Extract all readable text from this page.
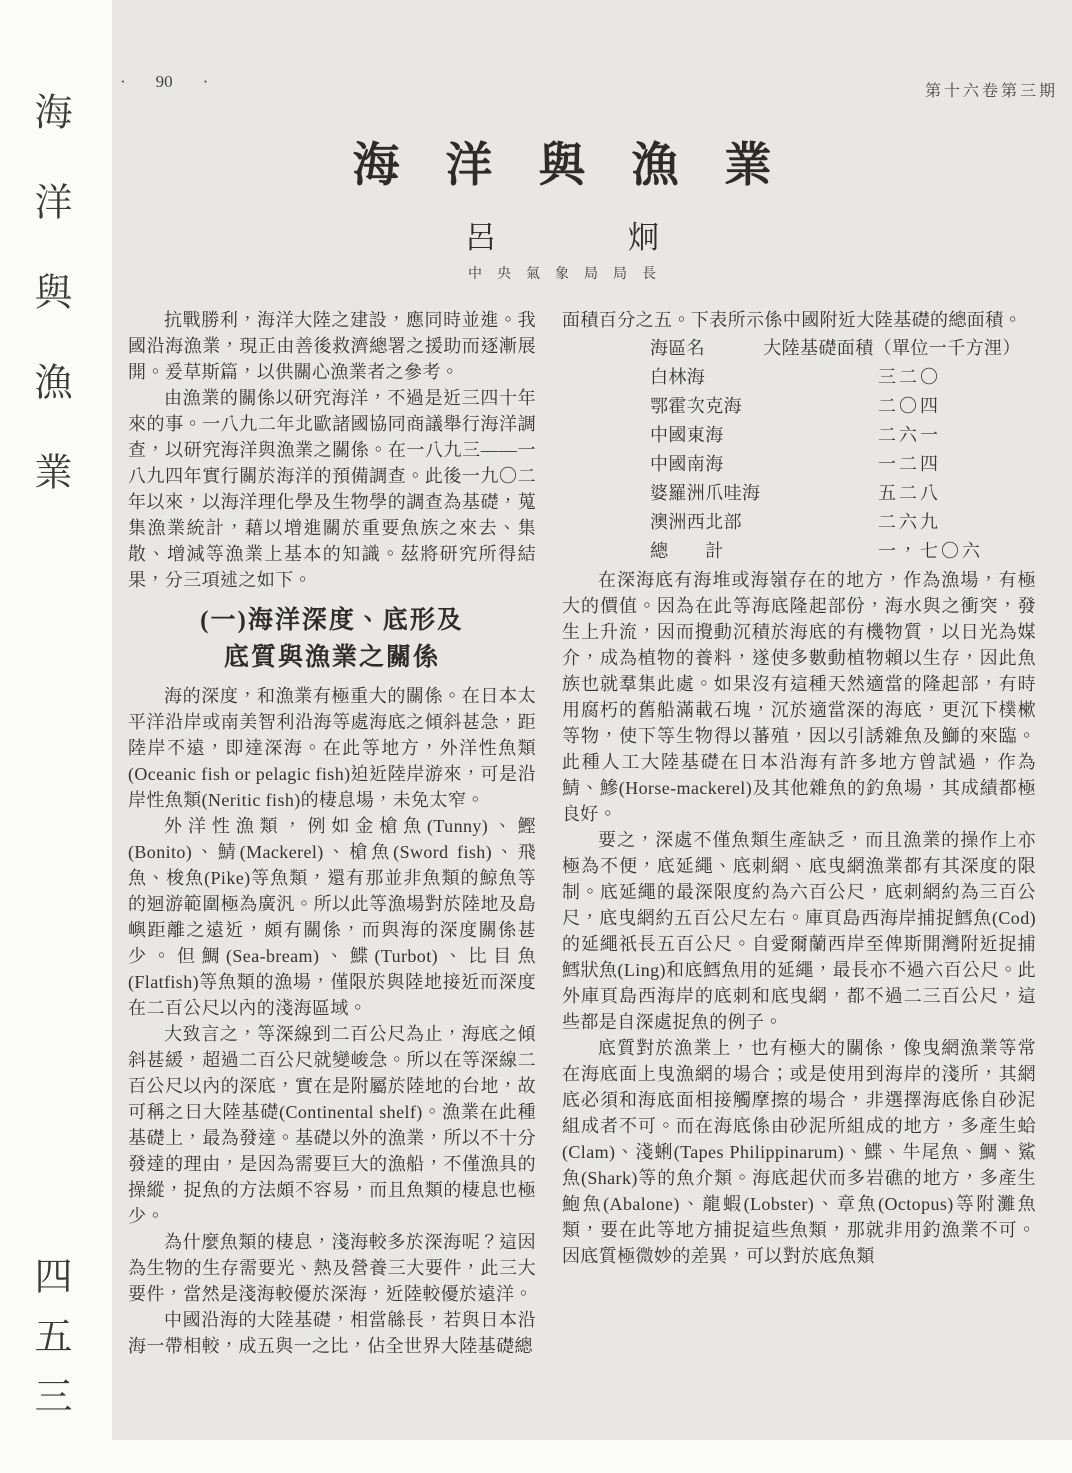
海洋與漁業
四五三
· 90 ·
第十六卷第三期
海洋與漁業
呂	炯
中央氣象局局長

抗戰勝利，海洋大陸之建設，應同時並進。我國沿海漁業，現正由善後救濟總署之援助而逐漸展開。爰草斯篇，以供關心漁業者之參考。

由漁業的關係以研究海洋，不過是近三四十年來的事。一八九二年北歐諸國協同商議舉行海洋調查，以研究海洋與漁業之關係。在一八九三——一八九四年實行關於海洋的預備調查。此後一九〇二年以來，以海洋理化學及生物學的調查為基礎，蒐集漁業統計，藉以增進關於重要魚族之來去、集散、增減等漁業上基本的知識。茲將研究所得結果，分三項述之如下。

(一)海洋深度、底形及
底質與漁業之關係

海的深度，和漁業有極重大的關係。在日本太平洋沿岸或南美智利沿海等處海底之傾斜甚急，距陸岸不遠，即達深海。在此等地方，外洋性魚類(Oceanic fish or pelagic fish)迫近陸岸游來，可是沿岸性魚類(Neritic fish)的棲息場，未免太窄。

外洋性漁類，例如金槍魚(Tunny)、鰹(Bonito)、鯖(Mackerel)、槍魚(Sword fish)、飛魚、梭魚(Pike)等魚類，還有那並非魚類的鯨魚等的迴游範圍極為廣汎。所以此等漁場對於陸地及島嶼距離之遠近，頗有關係，而與海的深度關係甚少。但鯛(Sea-bream)、鰈(Turbot)、比目魚(Flatfish)等魚類的漁場，僅限於與陸地接近而深度在二百公尺以內的淺海區域。

大致言之，等深線到二百公尺為止，海底之傾斜甚緩，超過二百公尺就變峻急。所以在等深線二百公尺以內的深底，實在是附屬於陸地的台地，故可稱之曰大陸基礎(Continental shelf)。漁業在此種基礎上，最為發達。基礎以外的漁業，所以不十分發達的理由，是因為需要巨大的漁船，不僅漁具的操縱，捉魚的方法頗不容易，而且魚類的棲息也極少。

為什麼魚類的棲息，淺海較多於深海呢？這因為生物的生存需要光、熱及營養三大要件，此三大要件，當然是淺海較優於深海，近陸較優於遠洋。

中國沿海的大陸基礎，相當緜長，若與日本沿海一帶相較，成五與一之比，佔全世界大陸基礎總

面積百分之五。下表所示係中國附近大陸基礎的總面積。

海區名	大陸基礎面積（單位一千方浬）
白林海	三二〇
鄂霍次克海	二〇四
中國東海	二六一
中國南海	一二四
婆羅洲爪哇海	五二八
澳洲西北部	二六九
總　　計	一，七〇六

在深海底有海堆或海嶺存在的地方，作為漁場，有極大的價值。因為在此等海底隆起部份，海水與之衝突，發生上升流，因而攪動沉積於海底的有機物質，以日光為媒介，成為植物的養料，遂使多數動植物賴以生存，因此魚族也就羣集此處。如果沒有這種天然適當的隆起部，有時用腐朽的舊船滿載石塊，沉於適當深的海底，更沉下樸樕等物，使下等生物得以蕃殖，因以引誘雜魚及鰤的來臨。此種人工大陸基礎在日本沿海有許多地方曾試過，作為鯖、鰺(Horse-mackerel)及其他雜魚的釣魚場，其成績都極良好。

要之，深處不僅魚類生產缺乏，而且漁業的操作上亦極為不便，底延繩、底刺網、底曳網漁業都有其深度的限制。底延繩的最深限度約為六百公尺，底刺網約為三百公尺，底曳網約五百公尺左右。庫頁島西海岸捕捉鱈魚(Cod)的延繩祇長五百公尺。自愛爾蘭西岸至俾斯開灣附近捉捕鱈狀魚(Ling)和底鱈魚用的延繩，最長亦不過六百公尺。此外庫頁島西海岸的底刺和底曳網，都不過二三百公尺，這些都是自深處捉魚的例子。

底質對於漁業上，也有極大的關係，像曳網漁業等常在海底面上曳漁網的場合；或是使用到海岸的淺所，其網底必須和海底面相接觸摩擦的場合，非選擇海底係自砂泥組成者不可。而在海底係由砂泥所組成的地方，多產生蛤(Clam)、淺蜊(Tapes Philippinarum)、鰈、牛尾魚、鯛、鯊魚(Shark)等的魚介類。海底起伏而多岩礁的地方，多產生鮑魚(Abalone)、龍蝦(Lobster)、章魚(Octopus)等附灘魚類，要在此等地方捕捉這些魚類，那就非用釣漁業不可。因底質極微妙的差異，可以對於底魚類
